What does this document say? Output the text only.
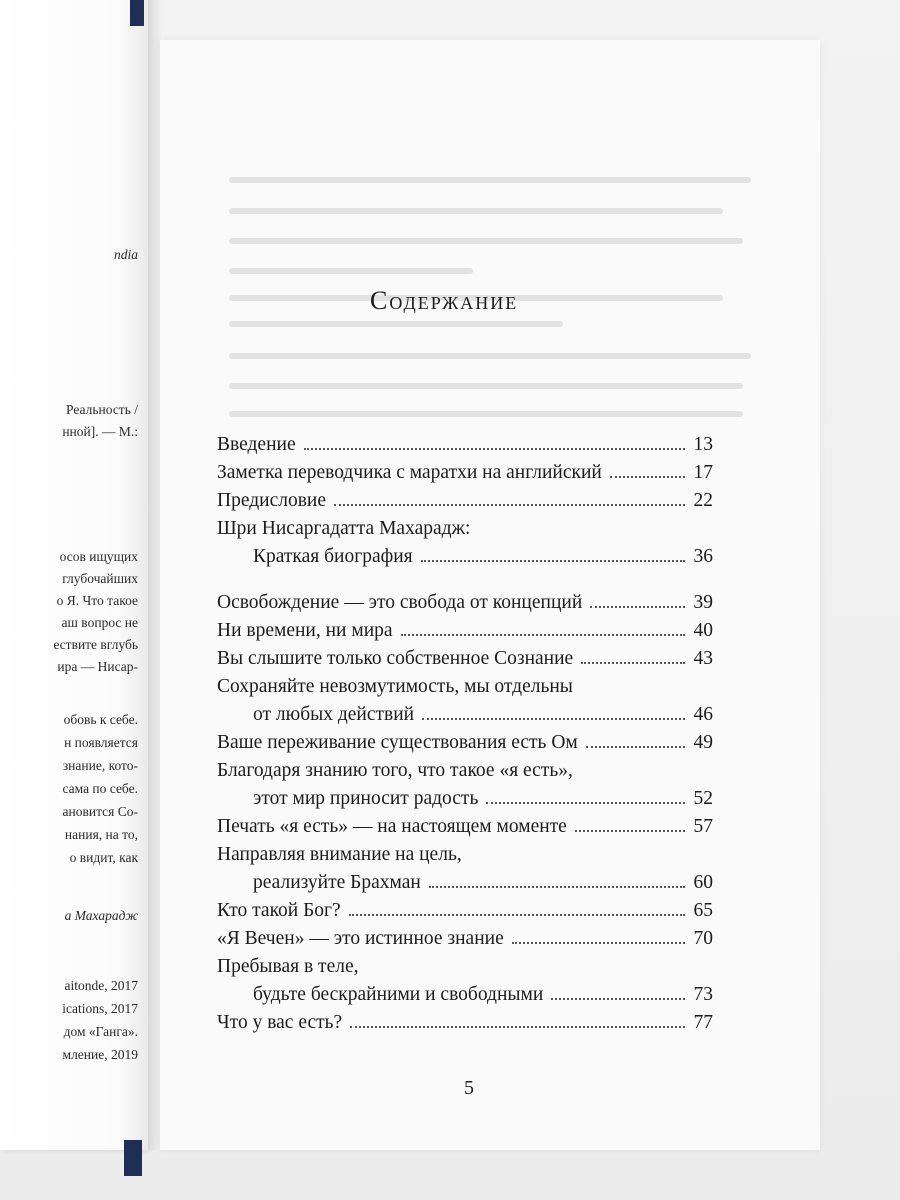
ndia
Реальность /
нной]. — М.:
осов ищущих
глубочайших
о Я. Что такое
аш вопрос не
ествите вглубь
ира — Нисар-
обовь к себе.
н появляется
знание, кото-
сама по себе.
ановится Со-
нания, на то,
о видит, как
а Махарадж
aitonde, 2017
ications, 2017
дом «Ганга».
мление, 2019
Содержание
Введение	13
Заметка переводчика с маратхи на английский	17
Предисловие	22
Шри Нисаргадатта Махарадж:
Краткая биография	36
Освобождение — это свобода от концепций	39
Ни времени, ни мира	40
Вы слышите только собственное Сознание	43
Сохраняйте невозмутимость, мы отдельны
от любых действий	46
Ваше переживание существования есть Ом	49
Благодаря знанию того, что такое «я есть»,
этот мир приносит радость	52
Печать «я есть» — на настоящем моменте	57
Направляя внимание на цель,
реализуйте Брахман	60
Кто такой Бог?	65
«Я Вечен» — это истинное знание	70
Пребывая в теле,
будьте бескрайними и свободными	73
Что у вас есть?	77
5
